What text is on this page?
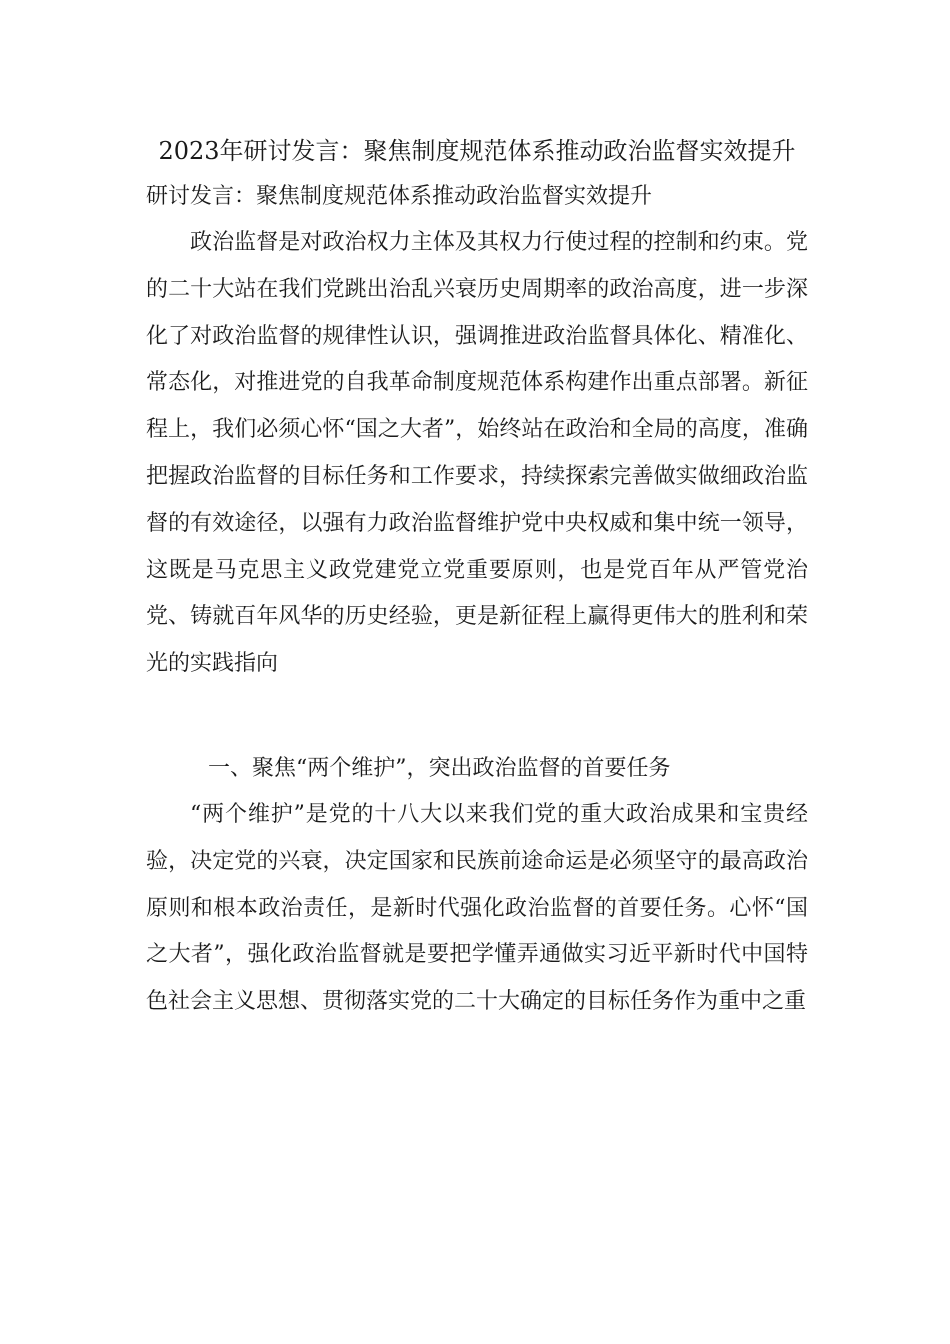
2023年研讨发言：聚焦制度规范体系推动政治监督实效提升

研讨发言：聚焦制度规范体系推动政治监督实效提升

政治监督是对政治权力主体及其权力行使过程的控制和约束。党的二十大站在我们党跳出治乱兴衰历史周期率的政治高度，进一步深化了对政治监督的规律性认识，强调推进政治监督具体化、精准化、常态化，对推进党的自我革命制度规范体系构建作出重点部署。新征程上，我们必须心怀“国之大者”，始终站在政治和全局的高度，准确把握政治监督的目标任务和工作要求，持续探索完善做实做细政治监督的有效途径，以强有力政治监督维护党中央权威和集中统一领导，这既是马克思主义政党建党立党重要原则，也是党百年从严管党治党、铸就百年风华的历史经验，更是新征程上赢得更伟大的胜利和荣光的实践指向

一、聚焦“两个维护”，突出政治监督的首要任务

“两个维护”是党的十八大以来我们党的重大政治成果和宝贵经验，决定党的兴衰，决定国家和民族前途命运是必须坚守的最高政治原则和根本政治责任，是新时代强化政治监督的首要任务。心怀“国之大者”，强化政治监督就是要把学懂弄通做实习近平新时代中国特色社会主义思想、贯彻落实党的二十大确定的目标任务作为重中之重
